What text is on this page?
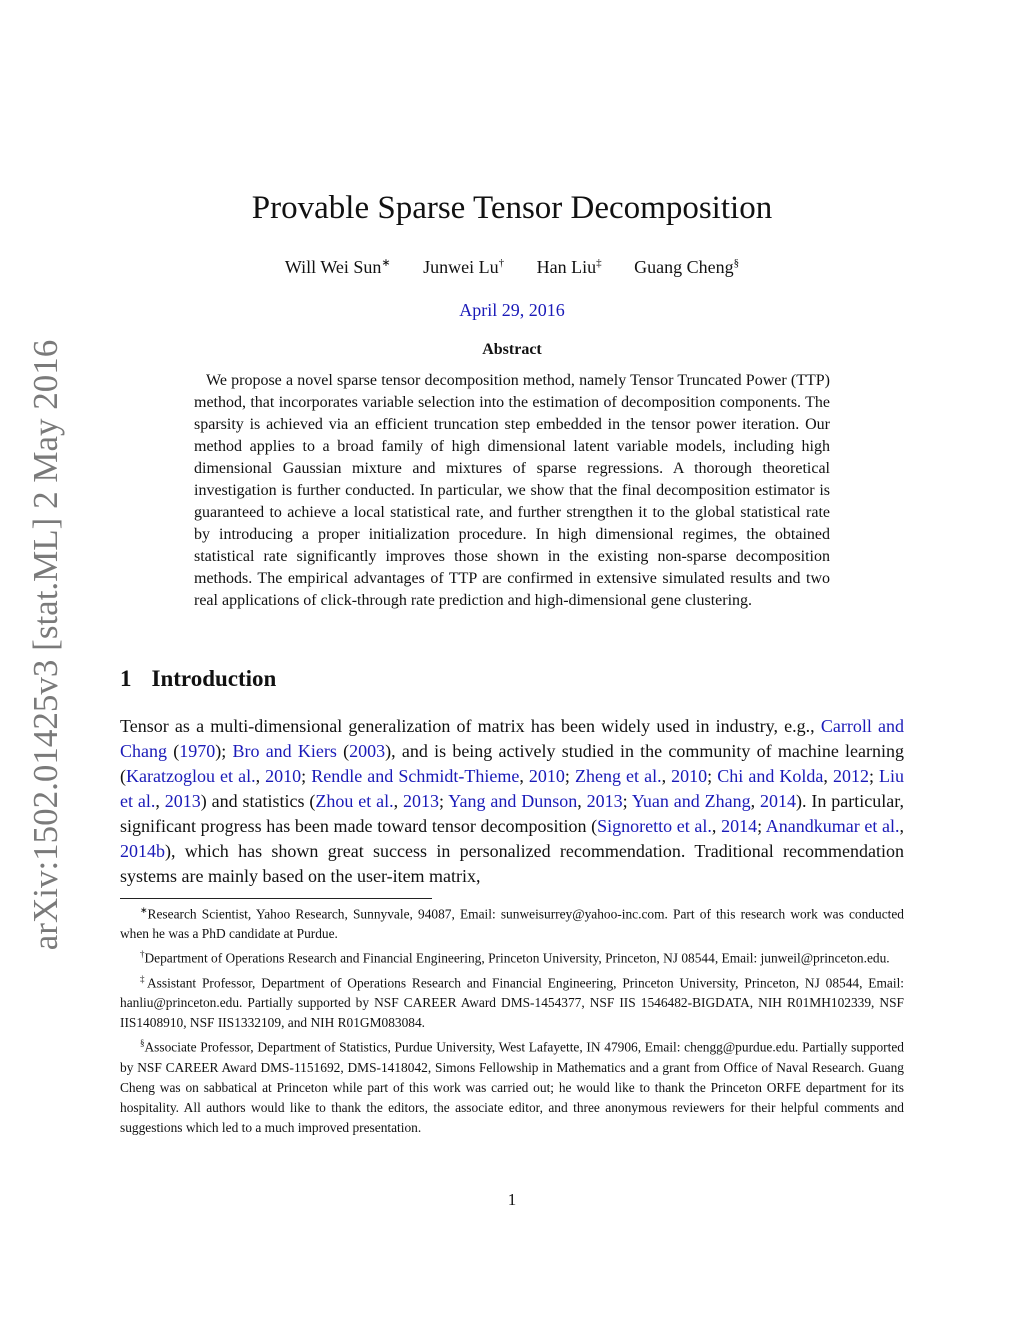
arXiv:1502.01425v3 [stat.ML] 2 May 2016
Provable Sparse Tensor Decomposition
Will Wei Sun∗ Junwei Lu† Han Liu‡ Guang Cheng§
April 29, 2016
Abstract
We propose a novel sparse tensor decomposition method, namely Tensor Truncated Power (TTP) method, that incorporates variable selection into the estimation of decomposition components. The sparsity is achieved via an efficient truncation step embedded in the tensor power iteration. Our method applies to a broad family of high dimensional latent variable models, including high dimensional Gaussian mixture and mixtures of sparse regressions. A thorough theoretical investigation is further conducted. In particular, we show that the final decomposition estimator is guaranteed to achieve a local statistical rate, and further strengthen it to the global statistical rate by introducing a proper initialization procedure. In high dimensional regimes, the obtained statistical rate significantly improves those shown in the existing non-sparse decomposition methods. The empirical advantages of TTP are confirmed in extensive simulated results and two real applications of click-through rate prediction and high-dimensional gene clustering.
1 Introduction
Tensor as a multi-dimensional generalization of matrix has been widely used in industry, e.g., Carroll and Chang (1970); Bro and Kiers (2003), and is being actively studied in the community of machine learning (Karatzoglou et al., 2010; Rendle and Schmidt-Thieme, 2010; Zheng et al., 2010; Chi and Kolda, 2012; Liu et al., 2013) and statistics (Zhou et al., 2013; Yang and Dunson, 2013; Yuan and Zhang, 2014). In particular, significant progress has been made toward tensor decomposition (Signoretto et al., 2014; Anandkumar et al., 2014b), which has shown great success in personalized recommendation. Traditional recommendation systems are mainly based on the user-item matrix,

∗Research Scientist, Yahoo Research, Sunnyvale, 94087, Email: sunweisurrey@yahoo-inc.com. Part of this research work was conducted when he was a PhD candidate at Purdue.

†Department of Operations Research and Financial Engineering, Princeton University, Princeton, NJ 08544, Email: junweil@princeton.edu.

‡Assistant Professor, Department of Operations Research and Financial Engineering, Princeton University, Princeton, NJ 08544, Email: hanliu@princeton.edu. Partially supported by NSF CAREER Award DMS-1454377, NSF IIS 1546482-BIGDATA, NIH R01MH102339, NSF IIS1408910, NSF IIS1332109, and NIH R01GM083084.

§Associate Professor, Department of Statistics, Purdue University, West Lafayette, IN 47906, Email: chengg@purdue.edu. Partially supported by NSF CAREER Award DMS-1151692, DMS-1418042, Simons Fellowship in Mathematics and a grant from Office of Naval Research. Guang Cheng was on sabbatical at Princeton while part of this work was carried out; he would like to thank the Princeton ORFE department for its hospitality. All authors would like to thank the editors, the associate editor, and three anonymous reviewers for their helpful comments and suggestions which led to a much improved presentation.

1
